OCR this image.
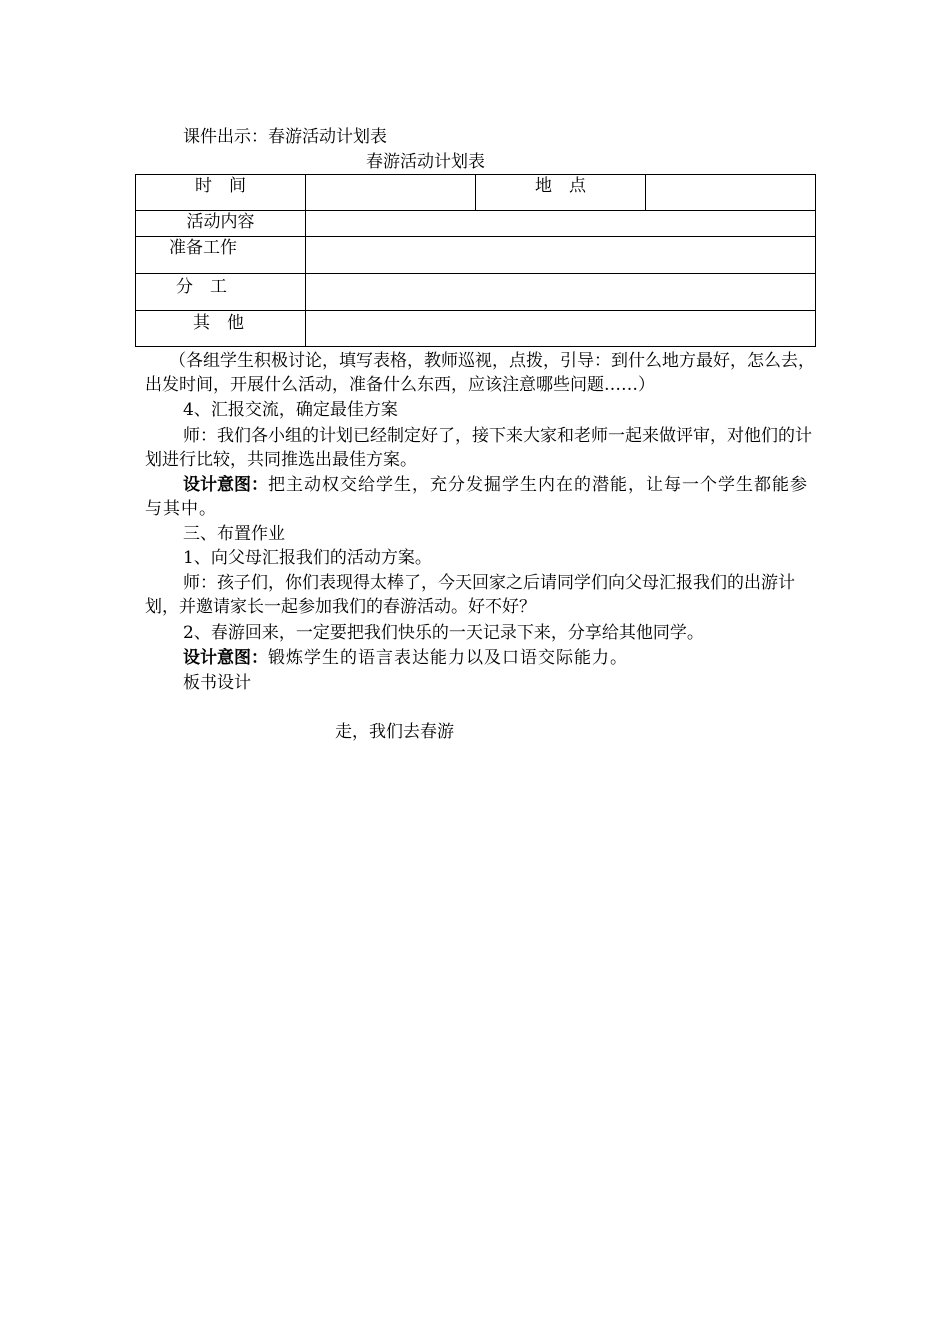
课件出示：春游活动计划表
春游活动计划表
时　间		地　点	

活动内容			

准备工作			

分　工			

其　他			

（各组学生积极讨论，填写表格，教师巡视，点拨，引导：到什么地方最好，怎么去，出发时间，开展什么活动，准备什么东西，应该注意哪些问题……）
4、汇报交流，确定最佳方案
师：我们各小组的计划已经制定好了，接下来大家和老师一起来做评审，对他们的计划进行比较，共同推选出最佳方案。
设计意图：把主动权交给学生，充分发掘学生内在的潜能，让每一个学生都能参与其中。
三、布置作业
1、向父母汇报我们的活动方案。
师：孩子们，你们表现得太棒了，今天回家之后请同学们向父母汇报我们的出游计划，并邀请家长一起参加我们的春游活动。好不好？
2、春游回来，一定要把我们快乐的一天记录下来，分享给其他同学。
设计意图：锻炼学生的语言表达能力以及口语交际能力。
板书设计
走，我们去春游
